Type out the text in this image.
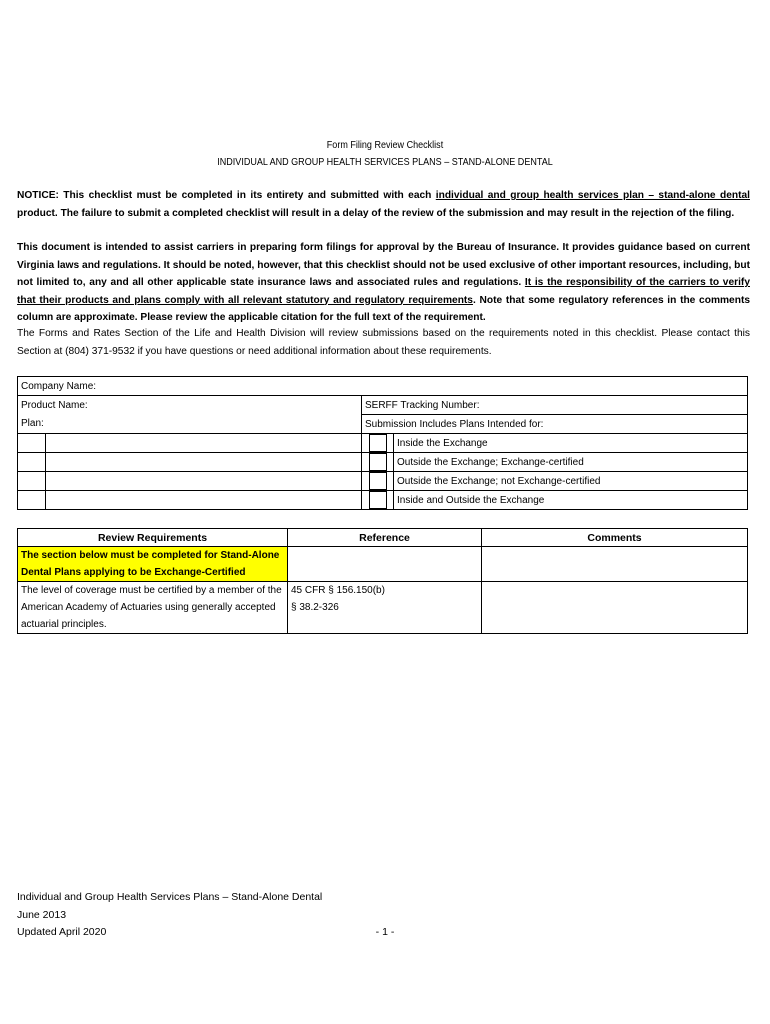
Form Filing Review Checklist
INDIVIDUAL AND GROUP HEALTH SERVICES PLANS – STAND-ALONE DENTAL
NOTICE: This checklist must be completed in its entirety and submitted with each individual and group health services plan – stand-alone dental product. The failure to submit a completed checklist will result in a delay of the review of the submission and may result in the rejection of the filing.
This document is intended to assist carriers in preparing form filings for approval by the Bureau of Insurance. It provides guidance based on current Virginia laws and regulations. It should be noted, however, that this checklist should not be used exclusive of other important resources, including, but not limited to, any and all other applicable state insurance laws and associated rules and regulations. It is the responsibility of the carriers to verify that their products and plans comply with all relevant statutory and regulatory requirements. Note that some regulatory references in the comments column are approximate. Please review the applicable citation for the full text of the requirement.
The Forms and Rates Section of the Life and Health Division will review submissions based on the requirements noted in this checklist. Please contact this Section at (804) 371-9532 if you have questions or need additional information about these requirements.
Company Name:			
Product Name:		SERFF Tracking Number:	
Plan:		Submission Includes Plans Intended for:	
			Inside the Exchange
			Outside the Exchange; Exchange-certified
			Outside the Exchange; not Exchange-certified
			Inside and Outside the Exchange
Review Requirements	Reference	Comments
The section below must be completed for Stand-Alone Dental Plans applying to be Exchange-Certified		
The level of coverage must be certified by a member of the American Academy of Actuaries using generally accepted actuarial principles.	45 CFR § 156.150(b)
§ 38.2-326	

Individual and Group Health Services Plans – Stand-Alone Dental
June 2013
Updated April 2020	- 1 -
